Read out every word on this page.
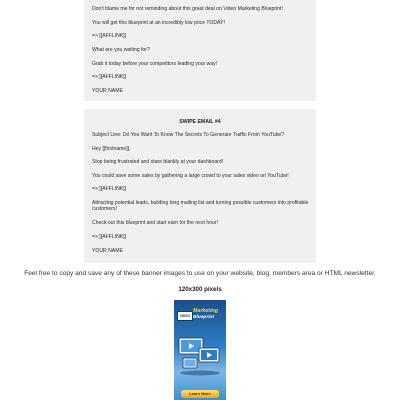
Don't blame me for not reminding about this great deal on Video Marketing Blueprint!
You will get this blueprint at an incredibly low price TODAY!
=> [[AFFLINK]]
What are you waiting for?
Grab it today before your competitors leading your way!
=> [[AFFLINK]]
YOUR NAME
SWIPE EMAIL #4
Subject Line: Do You Want To Know The Secrets To Generate Traffic From YouTube?
Hey [[firstname]],
Stop being frustrated and stare blankly at your dashboard!
You could save some sales by gathering a large crowd to your sales video on YouTube!
=> [[AFFLINK]]
Attracting potential leads, building long mailing list and turning possible customers into profitable customers!
Check out this blueprint and start earn for the next hour!
=> [[AFFLINK]]
YOUR NAME
Feel free to copy and save any of these banner images to use on your website, blog, members area or HTML newsletter.
120x300 pixels
VIDEO
Marketing
Blueprint
Learn More
